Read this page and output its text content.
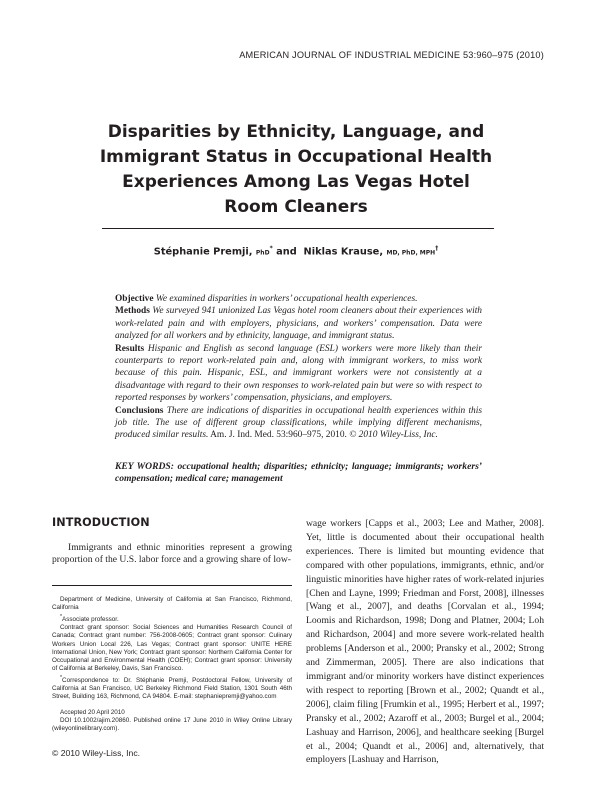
AMERICAN JOURNAL OF INDUSTRIAL MEDICINE 53:960–975 (2010)
Disparities by Ethnicity, Language, and
Immigrant Status in Occupational Health
Experiences Among Las Vegas Hotel
Room Cleaners
Stéphanie Premji, PhD* and  Niklas Krause, MD, PhD, MPH†

Objective We examined disparities in workers’ occupational health experiences.

Methods We surveyed 941 unionized Las Vegas hotel room cleaners about their experiences with work-related pain and with employers, physicians, and workers’ compensation. Data were analyzed for all workers and by ethnicity, language, and immigrant status.

Results Hispanic and English as second language (ESL) workers were more likely than their counterparts to report work-related pain and, along with immigrant workers, to miss work because of this pain. Hispanic, ESL, and immigrant workers were not consistently at a disadvantage with regard to their own responses to work-related pain but were so with respect to reported responses by workers’ compensation, physicians, and employers.

Conclusions There are indications of disparities in occupational health experiences within this job title. The use of different group classifications, while implying different mechanisms, produced similar results. Am. J. Ind. Med. 53:960–975, 2010. © 2010 Wiley-Liss, Inc.

KEY WORDS: occupational health; disparities; ethnicity; language; immigrants; workers’ compensation; medical care; management
INTRODUCTION
Immigrants and ethnic minorities represent a growing proportion of the U.S. labor force and a growing share of low-

Department of Medicine, University of California at San Francisco, Richmond, California

*Associate professor.

Contract grant sponsor: Social Sciences and Humanities Research Council of Canada; Contract grant number: 756-2008-0605; Contract grant sponsor: Culinary Workers Union Local 226, Las Vegas; Contract grant sponsor: UNITE HERE International Union, New York; Contract grant sponsor: Northern California Center for Occupational and Environmental Health (COEH); Contract grant sponsor: University of California at Berkeley, Davis, San Francisco.

*Correspondence to: Dr. Stéphanie Premji, Postdoctoral Fellow, University of California at San Francisco, UC Berkeley Richmond Field Station, 1301 South 46th Street, Building 163, Richmond, CA 94804. E-mail: stephaniepremji@yahoo.com

Accepted 20 April 2010

DOI 10.1002/ajim.20860. Published online 17 June 2010 in Wiley Online Library (wileyonlinelibrary.com).

wage workers [Capps et al., 2003; Lee and Mather, 2008]. Yet, little is documented about their occupational health experiences. There is limited but mounting evidence that compared with other populations, immigrants, ethnic, and/or linguistic minorities have higher rates of work-related injuries [Chen and Layne, 1999; Friedman and Forst, 2008], illnesses [Wang et al., 2007], and deaths [Corvalan et al., 1994; Loomis and Richardson, 1998; Dong and Platner, 2004; Loh and Richardson, 2004] and more severe work-related health problems [Anderson et al., 2000; Pransky et al., 2002; Strong and Zimmerman, 2005]. There are also indications that immigrant and/or minority workers have distinct experiences with respect to reporting [Brown et al., 2002; Quandt et al., 2006], claim filing [Frumkin et al., 1995; Herbert et al., 1997; Pransky et al., 2002; Azaroff et al., 2003; Burgel et al., 2004; Lashuay and Harrison, 2006], and healthcare seeking [Burgel et al., 2004; Quandt et al., 2006] and, alternatively, that employers [Lashuay and Harrison,
© 2010 Wiley-Liss, Inc.
